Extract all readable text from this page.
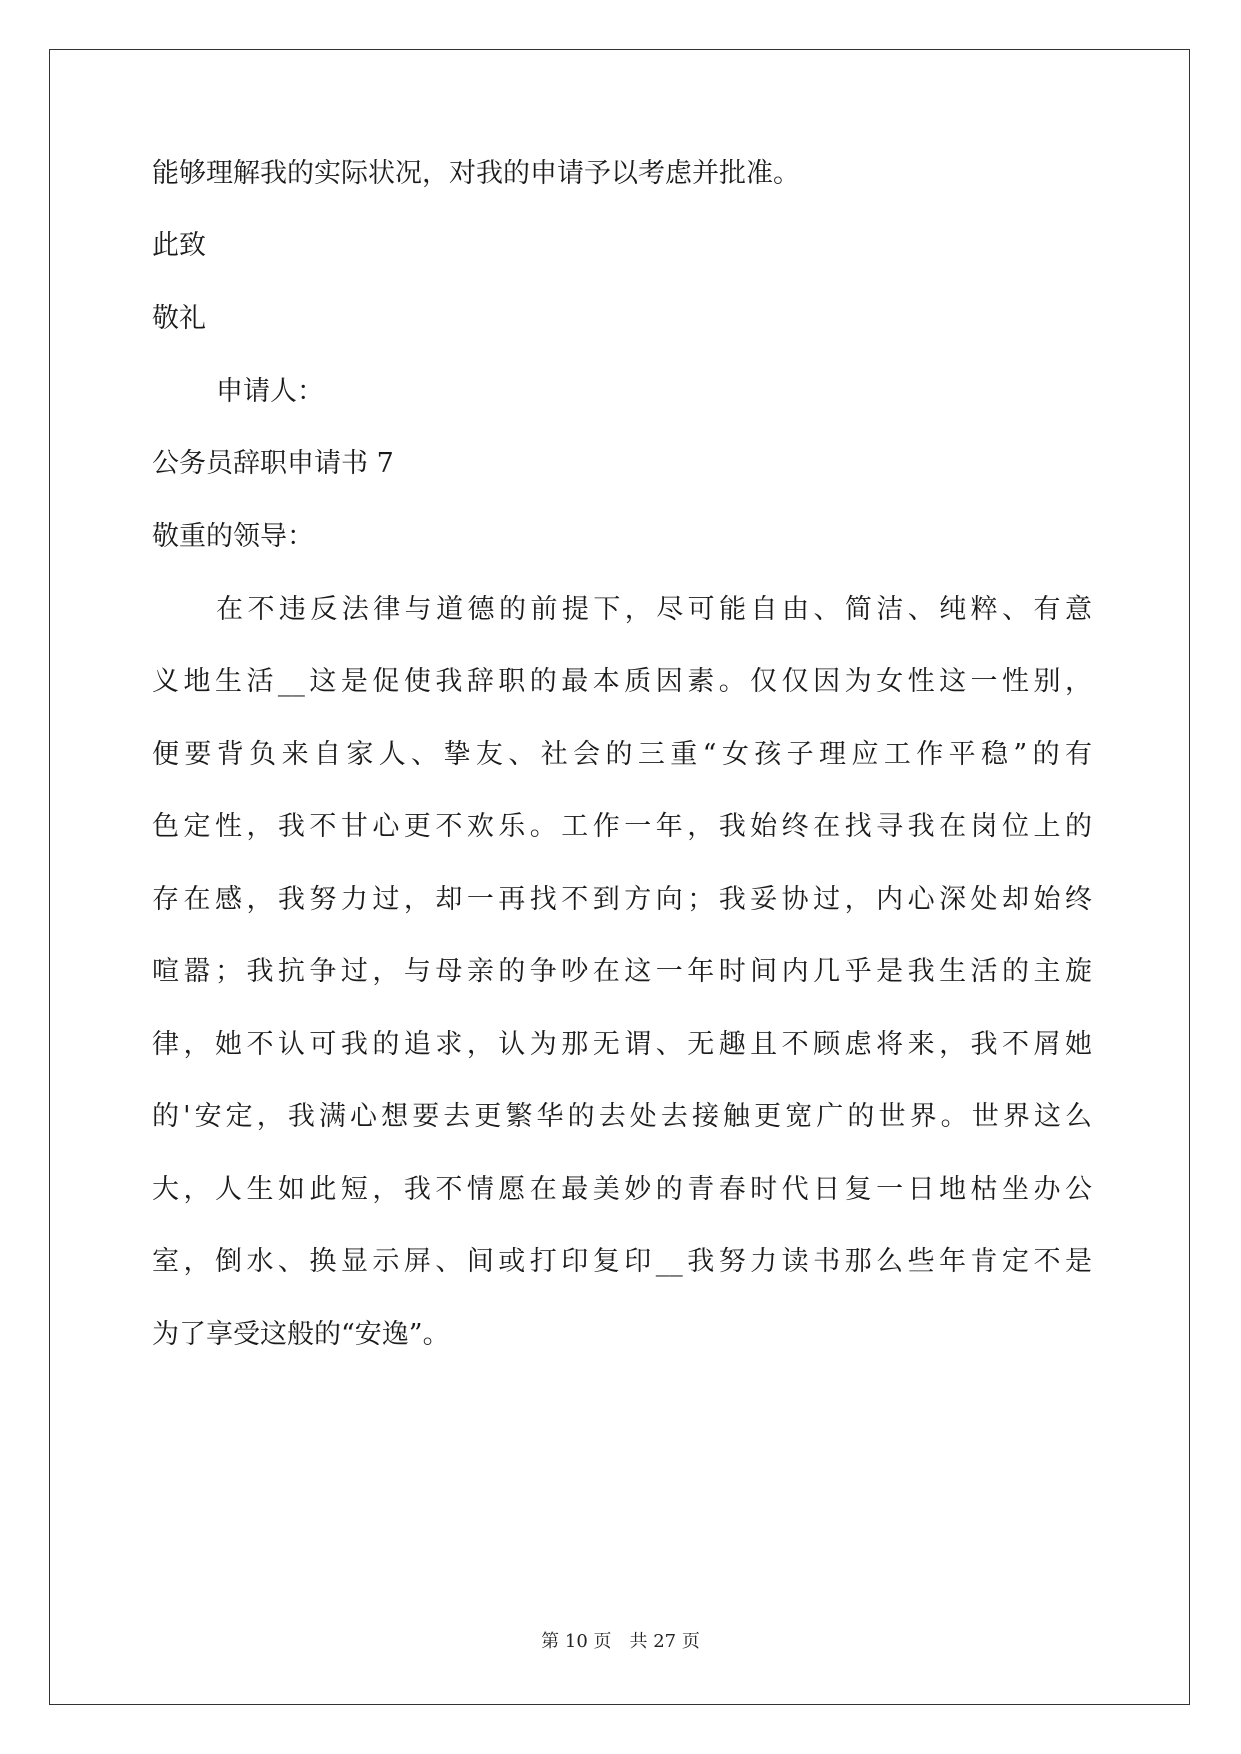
能够理解我的实际状况，对我的申请予以考虑并批准。
此致
敬礼
申请人：
公务员辞职申请书 7
敬重的领导：
在不违反法律与道德的前提下，尽可能自由、简洁、纯粹、有意
义地生活__这是促使我辞职的最本质因素。仅仅因为女性这一性别，
便要背负来自家人、挚友、社会的三重“女孩子理应工作平稳”的有
色定性，我不甘心更不欢乐。工作一年，我始终在找寻我在岗位上的
存在感，我努力过，却一再找不到方向；我妥协过，内心深处却始终
喧嚣；我抗争过，与母亲的争吵在这一年时间内几乎是我生活的主旋
律，她不认可我的追求，认为那无谓、无趣且不顾虑将来，我不屑她
的'安定，我满心想要去更繁华的去处去接触更宽广的世界。世界这么
大，人生如此短，我不情愿在最美妙的青春时代日复一日地枯坐办公
室，倒水、换显示屏、间或打印复印__我努力读书那么些年肯定不是
为了享受这般的“安逸”。
第 10 页　共 27 页
